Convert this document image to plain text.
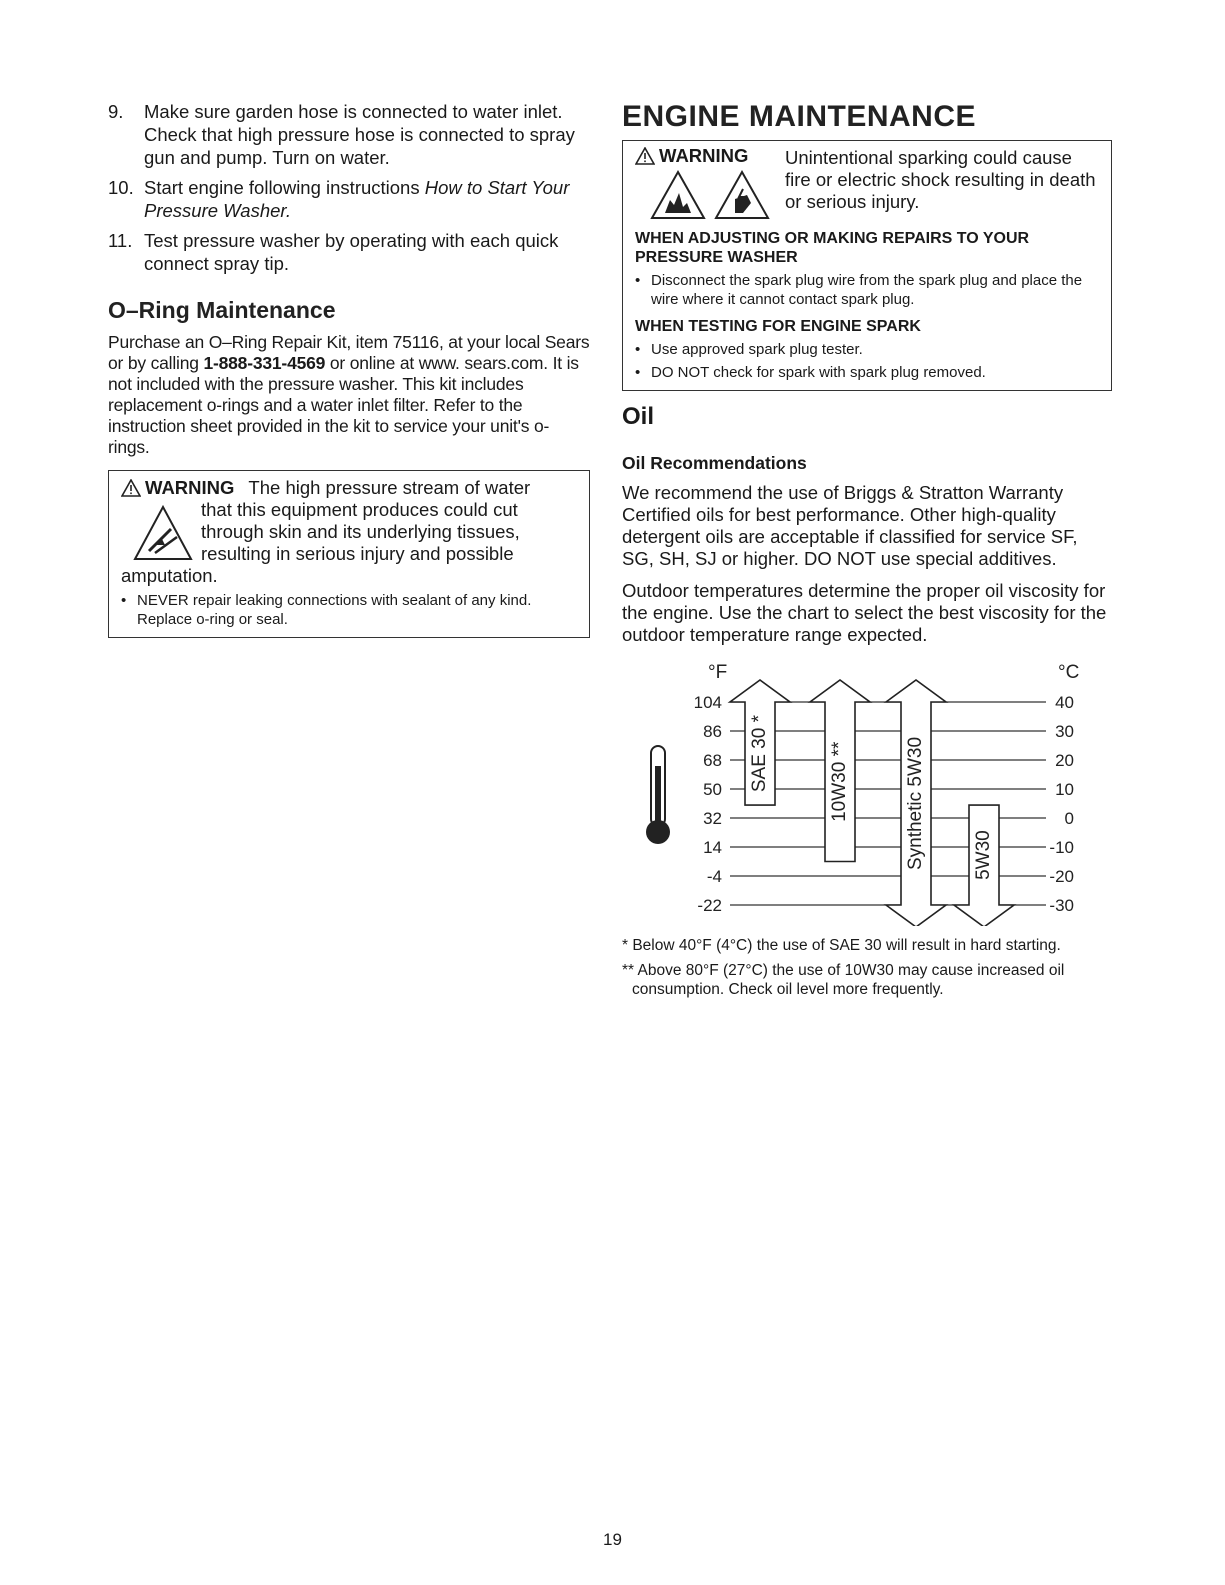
9.	Make sure garden hose is connected to water inlet. Check that high pressure hose is connected to spray gun and pump. Turn on water.
10. Start engine following instructions How to Start Your Pressure Washer.
11. Test pressure washer by operating with each quick connect spray tip.
O–Ring Maintenance

Purchase an O–Ring Repair Kit, item 75116, at your local Sears or by calling 1-888-331-4569 or online at www. sears.com. It is not included with the pressure washer. This kit includes replacement o-rings and a water inlet filter. Refer to the instruction sheet provided in the kit to service your unit's o-rings.

WARNING The high pressure stream of water
that this equipment produces could cut through skin and its underlying tissues, resulting in serious injury and possible
amputation.
• NEVER repair leaking connections with sealant of any kind. Replace o-ring or seal.
ENGINE MAINTENANCE
WARNING	Unintentional sparking could cause fire or electric shock resulting in death or serious injury.
WHEN ADJUSTING OR MAKING REPAIRS TO YOUR PRESSURE WASHER
• Disconnect the spark plug wire from the spark plug and place the wire where it cannot contact spark plug.
WHEN TESTING FOR ENGINE SPARK
• Use approved spark plug tester.
• DO NOT check for spark with spark plug removed.
Oil
Oil Recommendations

We recommend the use of Briggs & Stratton Warranty Certified oils for best performance. Other high-quality detergent oils are acceptable if classified for service SF, SG, SH, SJ or higher. DO NOT use special additives.

Outdoor temperatures determine the proper oil viscosity for the engine. Use the chart to select the best viscosity for the outdoor temperature range expected.

°F	°C
104
86
68
50
32
14
-4
-22
40
30
20
10
0
-10
-20
-30
SAE 30 *	10W30 **	Synthetic 5W30 5W30

* Below 40°F (4°C) the use of SAE 30 will result in hard starting.

** Above 80°F (27°C) the use of 10W30 may cause increased oil consumption. Check oil level more frequently.

19
